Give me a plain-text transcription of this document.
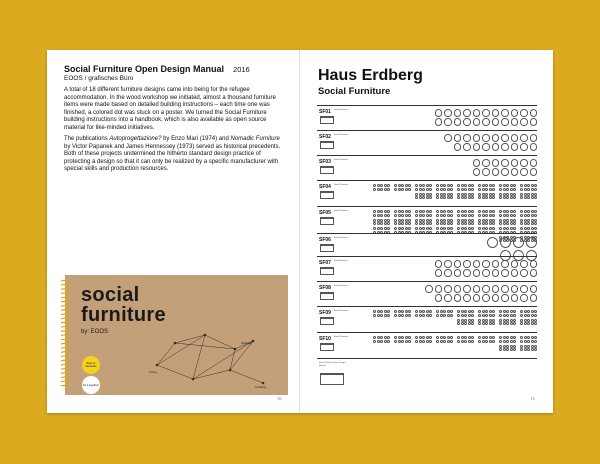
Social Furniture Open Design Manual 2016
EOOS / grafisches Büro

A total of 18 different furniture designs came into being for the refugee accommodation. In the wood workshop we initiated, almost a thousand furniture items were made based on detailed building instructions – each time one was finished, a colored dot was stuck on a poster. We turned the Social Furniture building instructions into a handbook, which is also available as open source material for like-minded initiatives.

The publications Autoprogettazione? by Enzo Mari (1974) and Nomadic Furniture by Victor Papanek and James Hennessey (1973) served as historical precedents. Both of these projects undermined the hitherto standard design practice of protecting a design so that it can only be realized by a specific manufacturer with special skills and production resources.

social
furniture
by: EOOS
Easy to assemble
Do it together!
Working
Living
Cooking
70
Haus Erdberg
Social Furniture
SF01 Social Furniture
SF02 Social Furniture
SF03 Social Furniture
SF04 Social Furniture
SF05 Social Furniture
SF06 Social Furniture
SF07 Social Furniture
SF08 Social Furniture
SF09 Social Furniture
SF10 Social Furniture
Social Furniture Open Design Manual
71
